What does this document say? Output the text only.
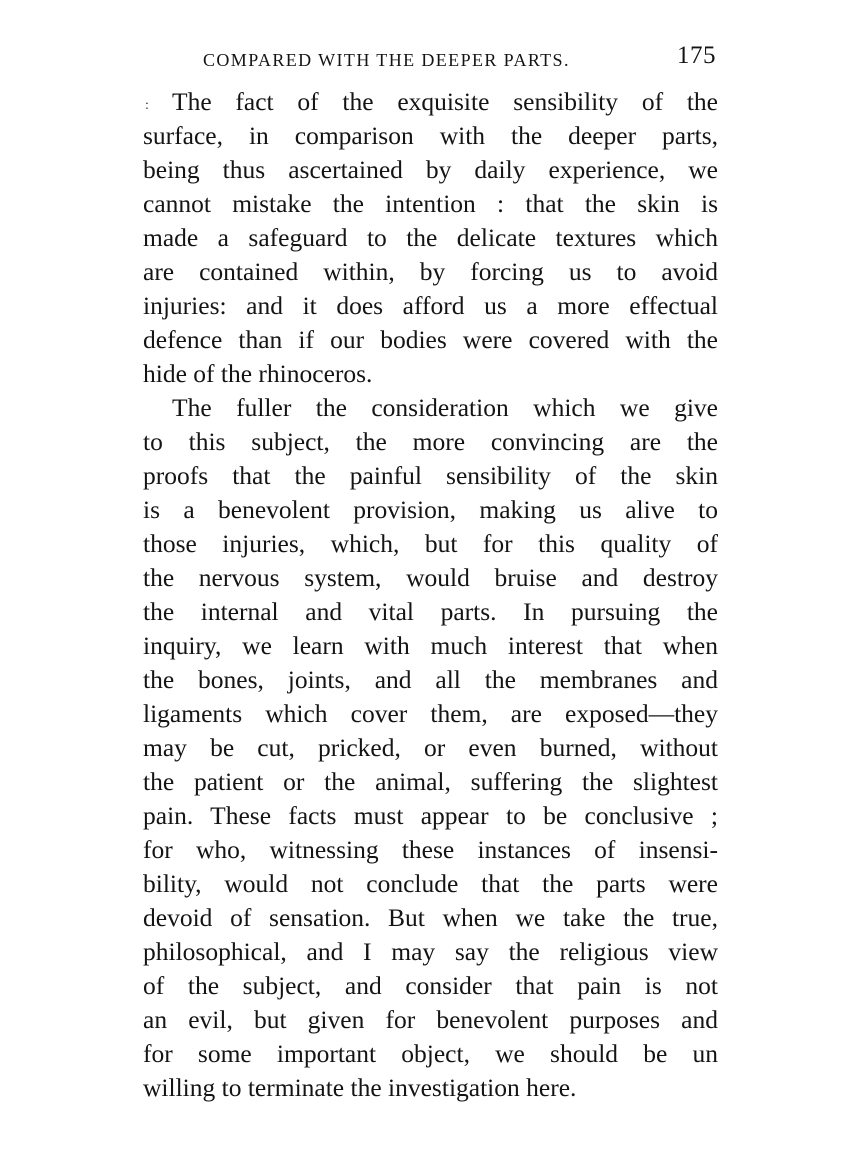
COMPARED WITH THE DEEPER PARTS.	175
: The fact of the exquisite sensibility of the
surface, in comparison with the deeper parts,
being thus ascertained by daily experience, we
cannot mistake the intention : that the skin is
made a safeguard to the delicate textures which
are contained within, by forcing us to avoid
injuries: and it does afford us a more effectual
defence than if our bodies were covered with the
hide of the rhinoceros.
The fuller the consideration which we give
to this subject, the more convincing are the
proofs that the painful sensibility of the skin
is a benevolent provision, making us alive to
those injuries, which, but for this quality of
the nervous system, would bruise and destroy
the internal and vital parts. In pursuing the
inquiry, we learn with much interest that when
the bones, joints, and all the membranes and
ligaments which cover them, are exposed—they
may be cut, pricked, or even burned, without
the patient or the animal, suffering the slightest
pain. These facts must appear to be conclusive ;
for who, witnessing these instances of insensi-
bility, would not conclude that the parts were
devoid of sensation. But when we take the true,
philosophical, and I may say the religious view
of the subject, and consider that pain is not
an evil, but given for benevolent purposes and
for some important object, we should be un
willing to terminate the investigation here.
